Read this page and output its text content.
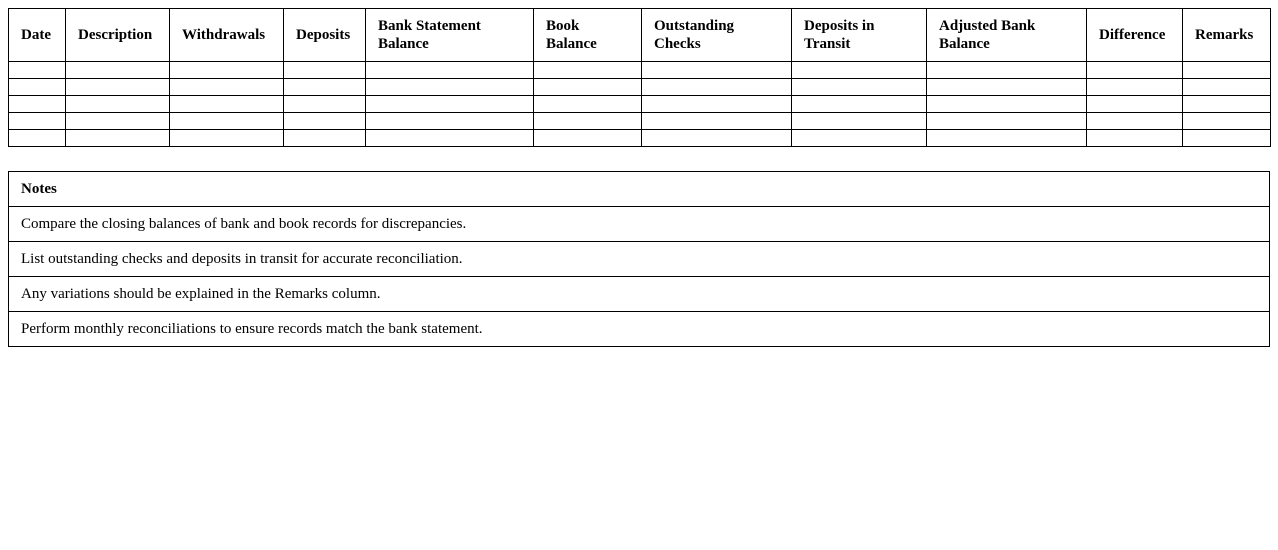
Date	Description	Withdrawals	Deposits	Bank Statement Balance	Book Balance	Outstanding Checks	Deposits in Transit	Adjusted Bank Balance	Difference	Remarks

Notes
Compare the closing balances of bank and book records for discrepancies.
List outstanding checks and deposits in transit for accurate reconciliation.
Any variations should be explained in the Remarks column.
Perform monthly reconciliations to ensure records match the bank statement.
